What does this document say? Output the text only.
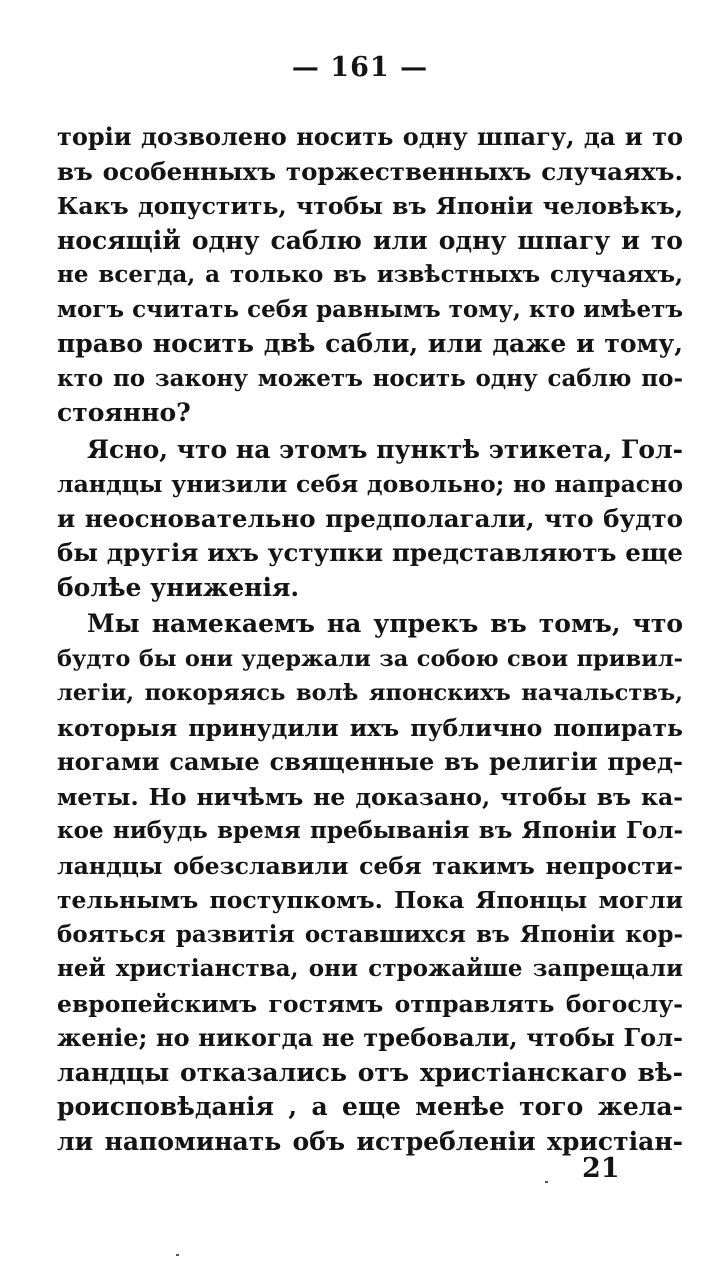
— 161 —
торіи дозволено носить одну шпагу, да и то
въ особенныхъ торжественныхъ случаяхъ.
Какъ допустить, чтобы въ Японіи человѣкъ,
носящій одну саблю или одну шпагу и то
не всегда, а только въ извѣстныхъ случаяхъ,
могъ считать себя равнымъ тому, кто имѣетъ
право носить двѣ сабли, или даже и тому,
кто по закону можетъ носить одну саблю по-
стоянно?
Ясно, что на этомъ пунктѣ этикета, Гол-
ландцы унизили себя довольно; но напрасно
и неосновательно предполагали, что будто
бы другія ихъ уступки представляютъ еще
болѣе униженія.
Мы намекаемъ на упрекъ въ томъ, что
будто бы они удержали за собою свои привил-
легіи, покоряясь волѣ японскихъ начальствъ,
которыя принудили ихъ публично попирать
ногами самые священные въ религіи пред-
меты. Но ничѣмъ не доказано, чтобы въ ка-
кое нибудь время пребыванія въ Японіи Гол-
ландцы обезславили себя такимъ непрости-
тельнымъ поступкомъ. Пока Японцы могли
бояться развитія оставшихся въ Японіи кор-
ней христіанства, они строжайше запрещали
европейскимъ гостямъ отправлять богослу-
женіе; но никогда не требовали, чтобы Гол-
ландцы отказались отъ христіанскаго вѣ-
роисповѣданія , а еще менѣе того жела-
ли напоминать объ истребленіи христіан-
21
